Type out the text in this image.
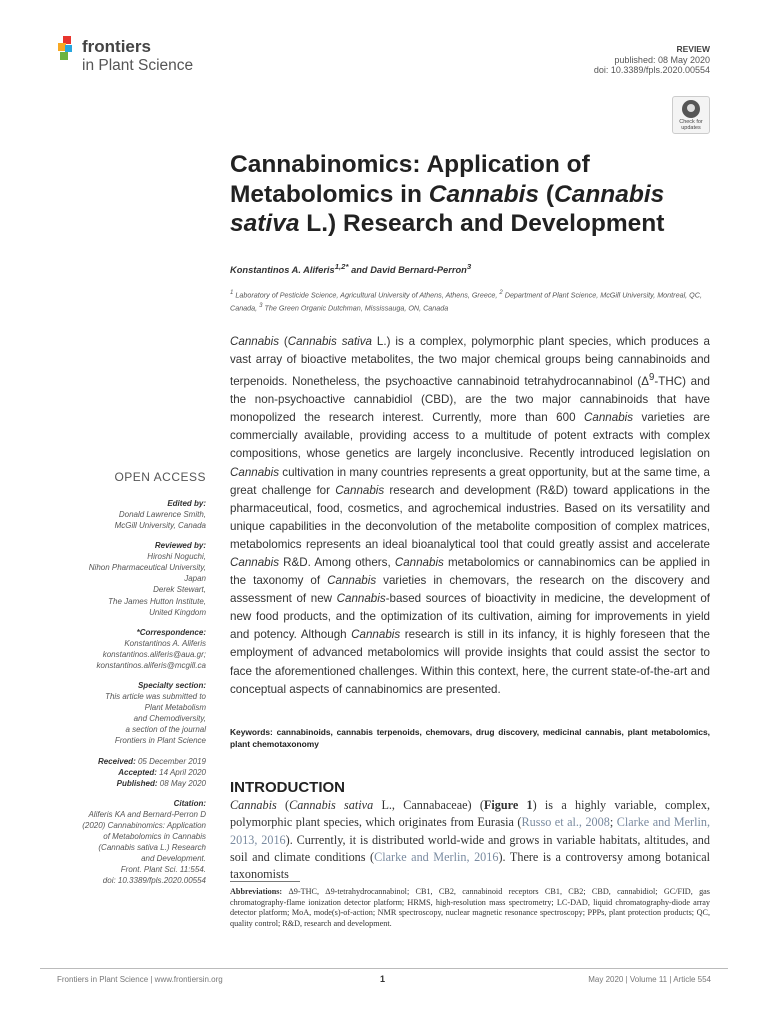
frontiers
in Plant Science
REVIEW
published: 08 May 2020
doi: 10.3389/fpls.2020.00554
Check for
updates
Cannabinomics: Application of Metabolomics in Cannabis (Cannabis sativa L.) Research and Development
Konstantinos A. Aliferis$^{1,2*}$ and David Bernard-Perron$^3$
$^1$ Laboratory of Pesticide Science, Agricultural University of Athens, Athens, Greece, $^2$ Department of Plant Science, McGill University, Montreal, QC, Canada, $^3$ The Green Organic Dutchman, Mississauga, ON, Canada

Cannabis (Cannabis sativa L.) is a complex, polymorphic plant species, which produces a vast array of bioactive metabolites, the two major chemical groups being cannabinoids and terpenoids. Nonetheless, the psychoactive cannabinoid tetrahydrocannabinol $(\Delta^9-THC)$ and the non-psychoactive cannabidiol (CBD), are the two major cannabinoids that have monopolized the research interest. Currently, more than 600 Cannabis varieties are commercially available, providing access to a multitude of potent extracts with complex compositions, whose genetics are largely inconclusive. Recently introduced legislation on Cannabis cultivation in many countries represents a great opportunity, but at the same time, a great challenge for Cannabis research and development (R&D) toward applications in the pharmaceutical, food, cosmetics, and agrochemical industries. Based on its versatility and unique capabilities in the deconvolution of the metabolite composition of complex matrices, metabolomics represents an ideal bioanalytical tool that could greatly assist and accelerate Cannabis R&D. Among others, Cannabis metabolomics or cannabinomics can be applied in the taxonomy of Cannabis varieties in chemovars, the research on the discovery and assessment of new Cannabis-based sources of bioactivity in medicine, the development of new food products, and the optimization of its cultivation, aiming for improvements in yield and potency. Although Cannabis research is still in its infancy, it is highly foreseen that the employment of advanced metabolomics will provide insights that could assist the sector to face the aforementioned challenges. Within this context, here, the current state-of-the-art and conceptual aspects of cannabinomics are presented.

Keywords: cannabinoids, cannabis terpenoids, chemovars, drug discovery, medicinal cannabis, plant metabolomics, plant chemotaxonomy
INTRODUCTION

Cannabis (Cannabis sativa L., Cannabaceae) (Figure 1) is a highly variable, complex, polymorphic plant species, which originates from Eurasia (Russo et al., 2008; Clarke and Merlin, 2013, 2016). Currently, it is distributed world-wide and grows in variable habitats, altitudes, and soil and climate conditions (Clarke and Merlin, 2016). There is a controversy among botanical taxonomists

Abbreviations: Δ9-THC, Δ9-tetrahydrocannabinol; CB1, CB2, cannabinoid receptors CB1, CB2; CBD, cannabidiol; GC/FID, gas chromatography-flame ionization detector platform; HRMS, high-resolution mass spectrometry; LC-DAD, liquid chromatography-diode array detector platform; MoA, mode(s)-of-action; NMR spectroscopy, nuclear magnetic resonance spectroscopy; PPPs, plant protection products; QC, quality control; R&D, research and development.
OPEN ACCESS
Edited by:
Donald Lawrence Smith,
McGill University, Canada
Reviewed by:
Hiroshi Noguchi,
Nihon Pharmaceutical University,
Japan
Derek Stewart,
The James Hutton Institute,
United Kingdom
*Correspondence:
Konstantinos A. Aliferis
konstantinos.aliferis@aua.gr;
konstantinos.aliferis@mcgill.ca
Specialty section:
This article was submitted to
Plant Metabolism
and Chemodiversity,
a section of the journal
Frontiers in Plant Science
Received: 05 December 2019
Accepted: 14 April 2020
Published: 08 May 2020
Citation:
Aliferis KA and Bernard-Perron D
(2020) Cannabinomics: Application
of Metabolomics in Cannabis
(Cannabis sativa L.) Research
and Development.
Front. Plant Sci. 11:554.
doi: 10.3389/fpls.2020.00554
Frontiers in Plant Science | www.frontiersin.org	1	May 2020 | Volume 11 | Article 554
